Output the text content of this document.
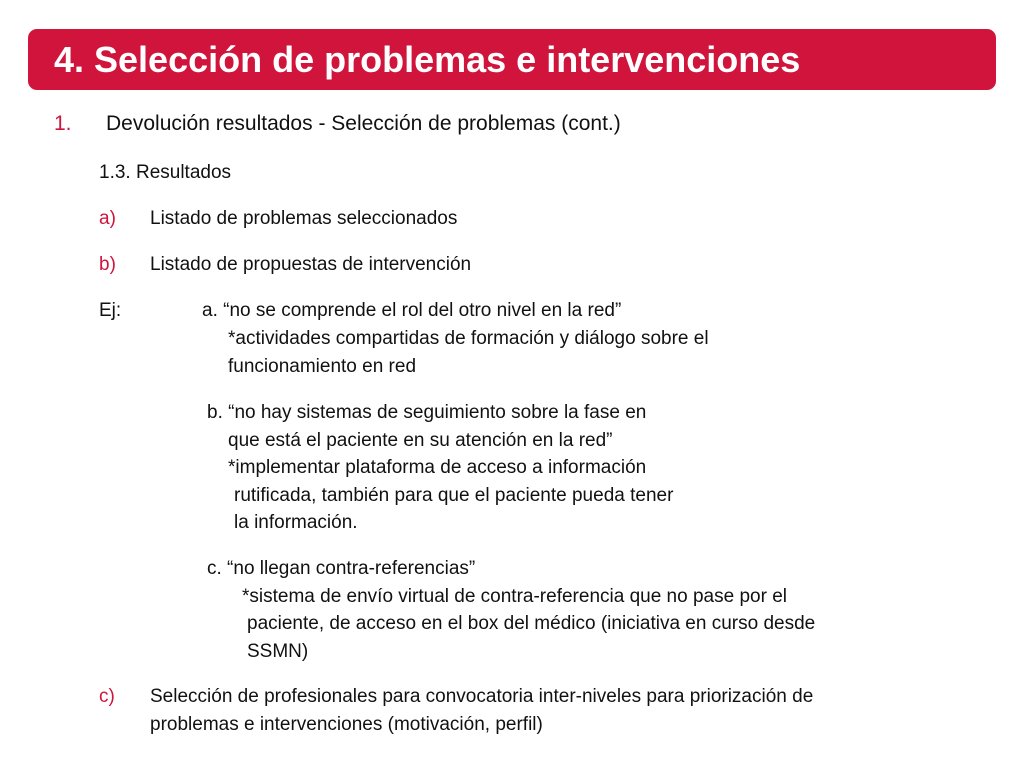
4. Selección de problemas e intervenciones
1. Devolución resultados - Selección de problemas (cont.)
1.3. Resultados
a) Listado de problemas seleccionados
b) Listado de propuestas de intervención
Ej:	a. “no se comprende el rol del otro nivel en la red”
*actividades compartidas de formación y diálogo sobre el
funcionamiento en red
b. “no hay sistemas de seguimiento sobre la fase en
que está el paciente en su atención en la red”
*implementar plataforma de acceso a información
rutificada, también para que el paciente pueda tener
la información.
c. “no llegan contra-referencias”
*sistema de envío virtual de contra-referencia que no pase por el
paciente, de acceso en el box del médico (iniciativa en curso desde
SSMN)
c) Selección de profesionales para convocatoria inter-niveles para priorización de
problemas e intervenciones (motivación, perfil)
